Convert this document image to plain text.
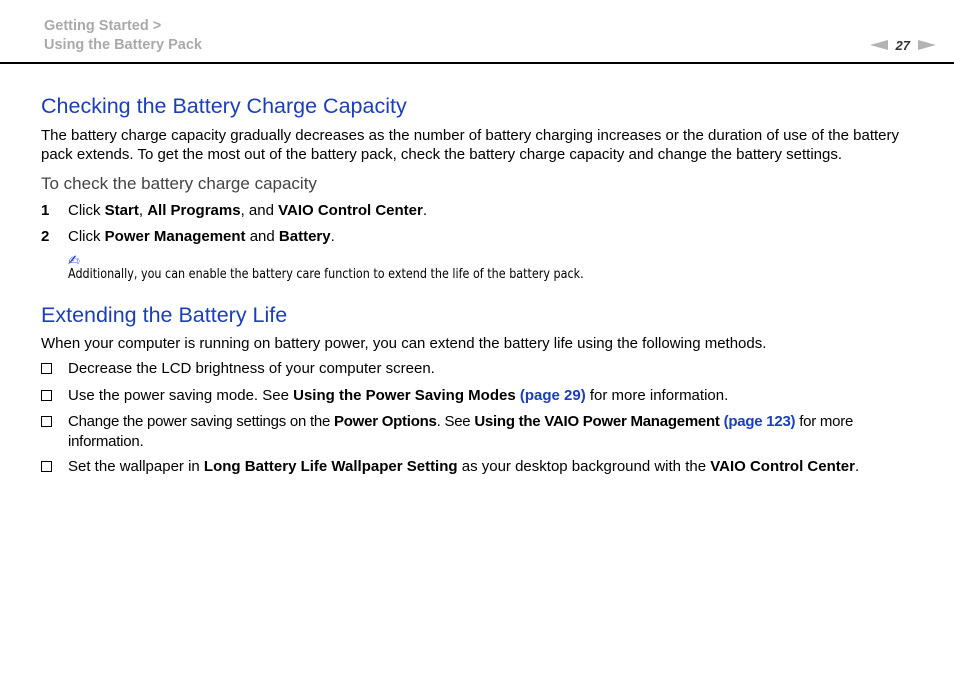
Getting Started >
Using the Battery Pack	27
Checking the Battery Charge Capacity

The battery charge capacity gradually decreases as the number of battery charging increases or the duration of use of the battery pack extends. To get the most out of the battery pack, check the battery charge capacity and change the battery settings.

To check the battery charge capacity

1	Click Start, All Programs, and VAIO Control Center.
2	Click Power Management and Battery.
✍
Additionally, you can enable the battery care function to extend the life of the battery pack.
Extending the Battery Life

When your computer is running on battery power, you can extend the battery life using the following methods.

Decrease the LCD brightness of your computer screen.
Use the power saving mode. See Using the Power Saving Modes (page 29) for more information.
Change the power saving settings on the Power Options. See Using the VAIO Power Management (page 123) for more information.
Set the wallpaper in Long Battery Life Wallpaper Setting as your desktop background with the VAIO Control Center.
